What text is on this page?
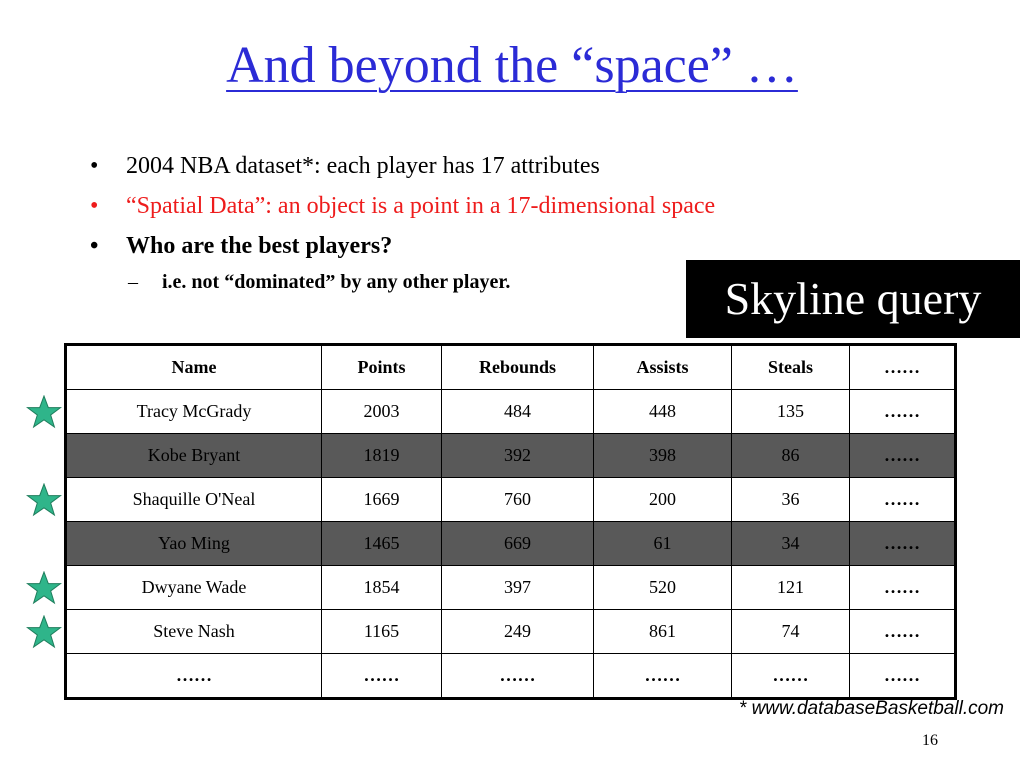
And beyond the “space” …
• 2004 NBA dataset*: each player has 17 attributes
• “Spatial Data”: an object is a point in a 17-dimensional space
• Who are the best players?
– i.e. not “dominated” by any other player.	Skyline query
Name	Points	Rebounds	Assists	Steals	……
Tracy McGrady	2003	484	448	135	……
Kobe Bryant	1819	392	398	86	……
Shaquille O'Neal	1669	760	200	36	……
Yao Ming	1465	669	61	34	……
Dwyane Wade	1854	397	520	121	……
Steve Nash	1165	249	861	74	……
……	……	……	……	……	……
* www.databaseBasketball.com
16
